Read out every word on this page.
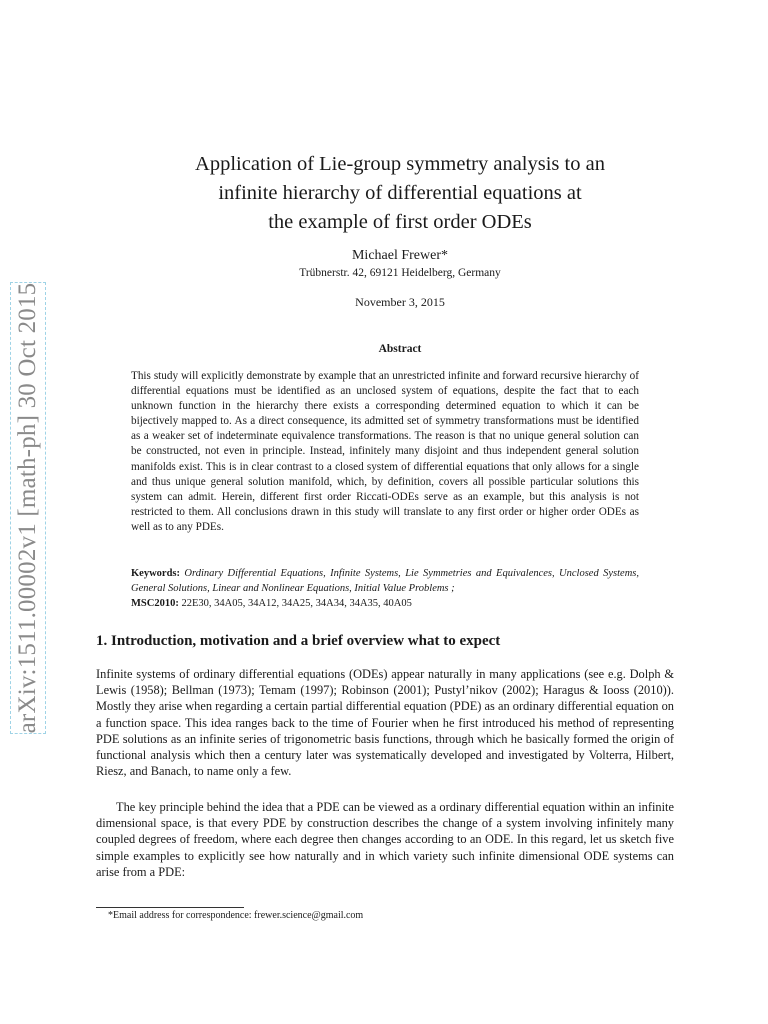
arXiv:1511.00002v1 [math-ph] 30 Oct 2015
Application of Lie-group symmetry analysis to an
infinite hierarchy of differential equations at
the example of first order ODEs
Michael Frewer*
Trübnerstr. 42, 69121 Heidelberg, Germany
November 3, 2015
Abstract

This study will explicitly demonstrate by example that an unrestricted infinite and forward recursive hierarchy of differential equations must be identified as an unclosed system of equations, despite the fact that to each unknown function in the hierarchy there exists a corresponding determined equation to which it can be bijectively mapped to. As a direct consequence, its admitted set of symmetry transformations must be identified as a weaker set of indeterminate equivalence transformations. The reason is that no unique general solution can be constructed, not even in principle. Instead, infinitely many disjoint and thus independent general solution manifolds exist. This is in clear contrast to a closed system of differential equations that only allows for a single and thus unique general solution manifold, which, by definition, covers all possible particular solutions this system can admit. Herein, different first order Riccati-ODEs serve as an example, but this analysis is not restricted to them. All conclusions drawn in this study will translate to any first order or higher order ODEs as well as to any PDEs.

Keywords: Ordinary Differential Equations, Infinite Systems, Lie Symmetries and Equivalences, Unclosed Systems, General Solutions, Linear and Nonlinear Equations, Initial Value Problems ;
MSC2010: 22E30, 34A05, 34A12, 34A25, 34A34, 34A35, 40A05
1. Introduction, motivation and a brief overview what to expect

Infinite systems of ordinary differential equations (ODEs) appear naturally in many applications (see e.g. Dolph & Lewis (1958); Bellman (1973); Temam (1997); Robinson (2001); Pustyl’nikov (2002); Haragus & Iooss (2010)). Mostly they arise when regarding a certain partial differential equation (PDE) as an ordinary differential equation on a function space. This idea ranges back to the time of Fourier when he first introduced his method of representing PDE solutions as an infinite series of trigonometric basis functions, through which he basically formed the origin of functional analysis which then a century later was systematically developed and investigated by Volterra, Hilbert, Riesz, and Banach, to name only a few.

The key principle behind the idea that a PDE can be viewed as a ordinary differential equation within an infinite dimensional space, is that every PDE by construction describes the change of a system involving infinitely many coupled degrees of freedom, where each degree then changes according to an ODE. In this regard, let us sketch five simple examples to explicitly see how naturally and in which variety such infinite dimensional ODE systems can arise from a PDE:

*Email address for correspondence: frewer.science@gmail.com
